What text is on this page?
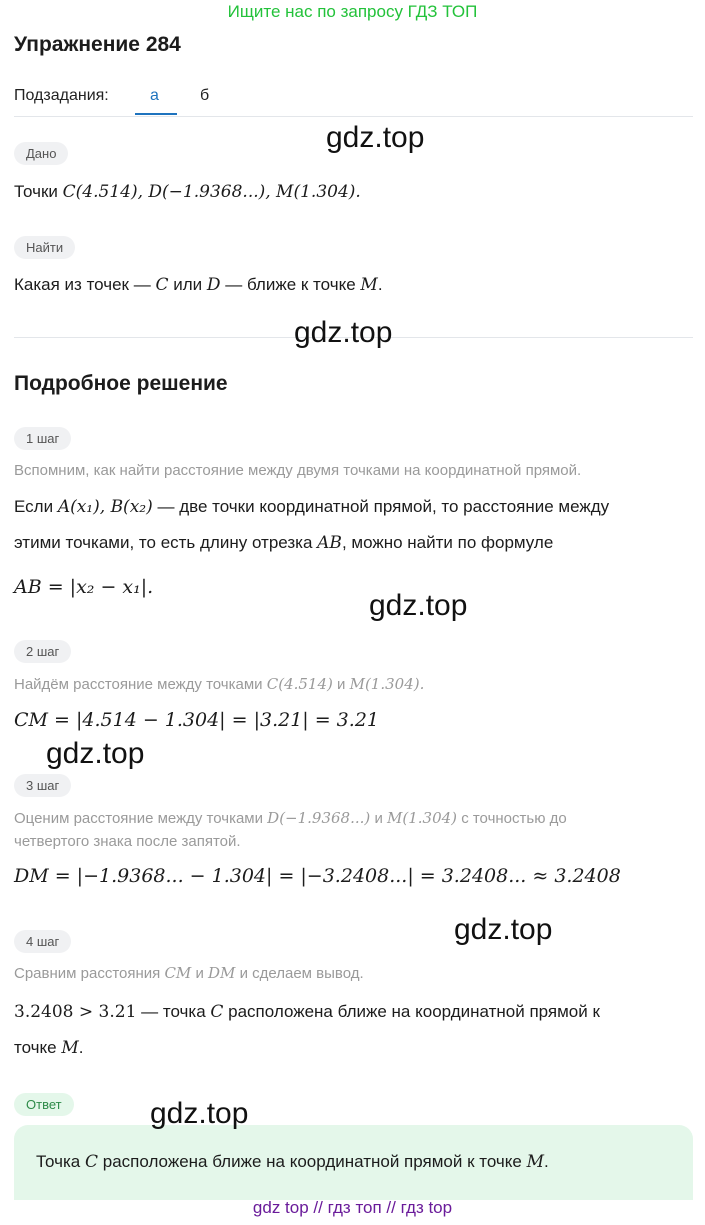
Ищите нас по запросу ГДЗ ТОП
Упражнение 284
Подзадания:	а	б
gdz.top
Дано
Точки C(4.514), D(−1.9368...), M(1.304).
Найти
Какая из точек — C или D — ближе к точке M.
gdz.top
Подробное решение
1 шаг
Вспомним, как найти расстояние между двумя точками на координатной прямой.
Если A(x₁), B(x₂) — две точки координатной прямой, то расстояние между
этими точками, то есть длину отрезка AB, можно найти по формуле
AB = |x₂ − x₁|.
gdz.top
2 шаг
Найдём расстояние между точками C(4.514) и M(1.304).
CM = |4.514 − 1.304| = |3.21| = 3.21
gdz.top
3 шаг
Оценим расстояние между точками D(−1.9368...) и M(1.304) с точностью до
четвертого знака после запятой.
DM = |−1.9368... − 1.304| = |−3.2408...| = 3.2408... ≈ 3.2408
gdz.top
4 шаг
Сравним расстояния CM и DM и сделаем вывод.
3.2408 > 3.21 — точка C расположена ближе на координатной прямой к
точке M.
Ответ	gdz.top
Точка C расположена ближе на координатной прямой к точке M.
gdz top // гдз топ // гдз top
